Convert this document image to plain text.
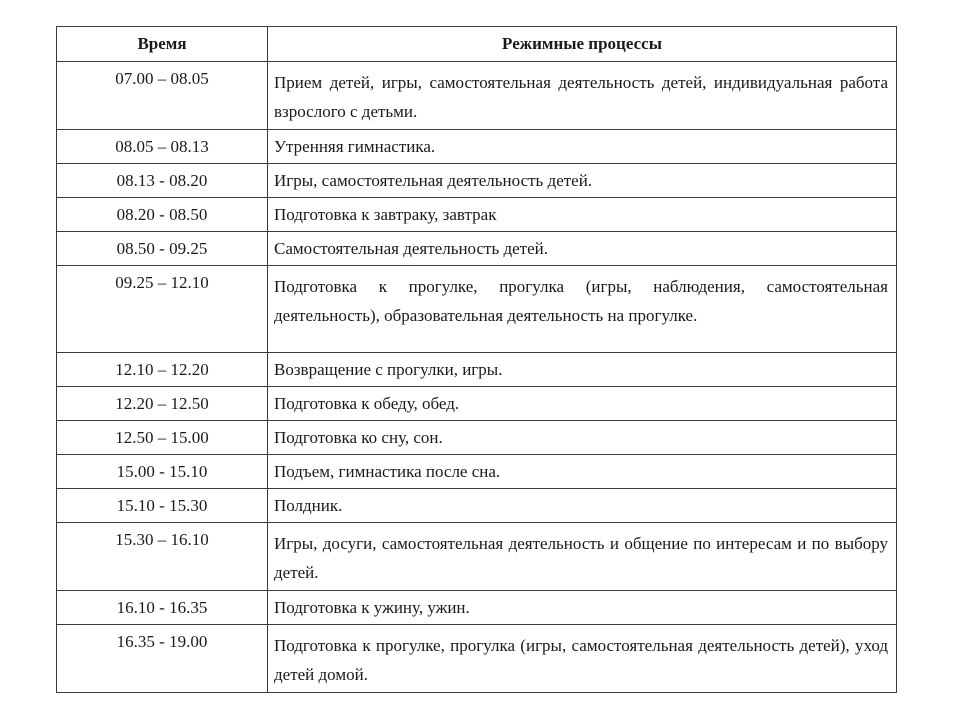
Время	Режимные процессы
07.00 – 08.05	Прием детей, игры, самостоятельная деятельность детей, индивидуальная работа взрослого с детьми.
08.05 – 08.13	Утренняя гимнастика.
08.13 - 08.20	Игры, самостоятельная деятельность детей.
08.20 - 08.50	Подготовка к завтраку, завтрак
08.50 - 09.25	Самостоятельная деятельность детей.
09.25 – 12.10	Подготовка к прогулке, прогулка (игры, наблюдения, самостоятельная деятельность), образовательная деятельность на прогулке.
12.10 – 12.20	Возвращение с прогулки, игры.
12.20 – 12.50	Подготовка к обеду, обед.
12.50 – 15.00	Подготовка ко сну, сон.
15.00 - 15.10	Подъем, гимнастика после сна.
15.10 - 15.30	Полдник.
15.30 – 16.10	Игры, досуги, самостоятельная деятельность и общение по интересам и по выбору детей.
16.10 - 16.35	Подготовка к ужину, ужин.
16.35 - 19.00	Подготовка к прогулке, прогулка (игры, самостоятельная деятельность детей), уход детей домой.
